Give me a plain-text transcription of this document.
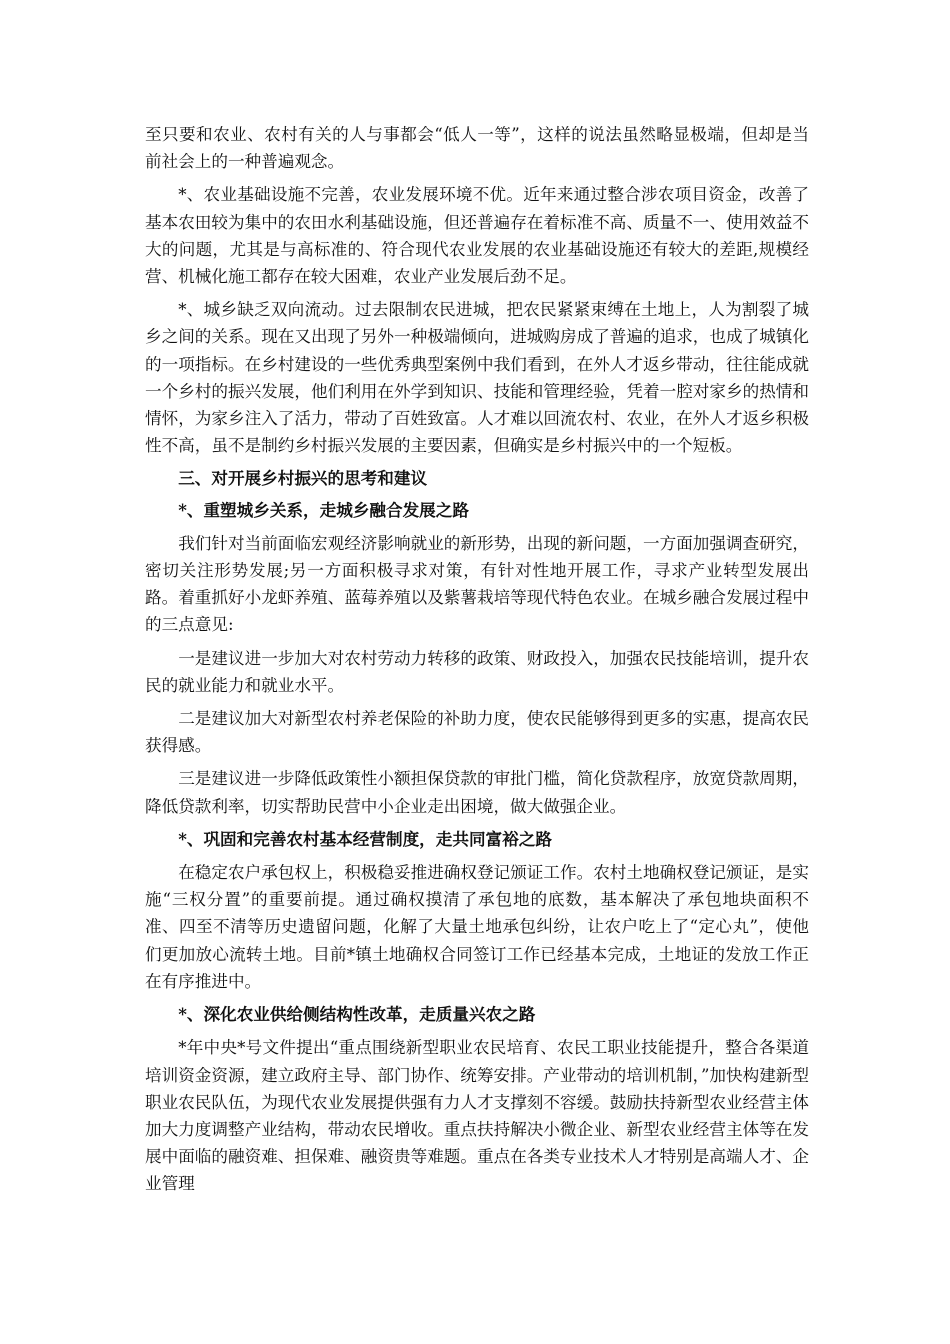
至只要和农业、农村有关的人与事都会“低人一等”，这样的说法虽然略显极端，但却是当前社会上的一种普遍观念。

*、农业基础设施不完善，农业发展环境不优。近年来通过整合涉农项目资金，改善了基本农田较为集中的农田水利基础设施，但还普遍存在着标准不高、质量不一、使用效益不大的问题，尤其是与高标准的、符合现代农业发展的农业基础设施还有较大的差距,规模经营、机械化施工都存在较大困难，农业产业发展后劲不足。

*、城乡缺乏双向流动。过去限制农民进城，把农民紧紧束缚在土地上，人为割裂了城乡之间的关系。现在又出现了另外一种极端倾向，进城购房成了普遍的追求，也成了城镇化的一项指标。在乡村建设的一些优秀典型案例中我们看到，在外人才返乡带动，往往能成就一个乡村的振兴发展，他们利用在外学到知识、技能和管理经验，凭着一腔对家乡的热情和情怀，为家乡注入了活力，带动了百姓致富。人才难以回流农村、农业，在外人才返乡积极性不高，虽不是制约乡村振兴发展的主要因素，但确实是乡村振兴中的一个短板。

三、对开展乡村振兴的思考和建议

*、重塑城乡关系，走城乡融合发展之路

我们针对当前面临宏观经济影响就业的新形势，出现的新问题，一方面加强调查研究，密切关注形势发展;另一方面积极寻求对策，有针对性地开展工作，寻求产业转型发展出路。着重抓好小龙虾养殖、蓝莓养殖以及紫薯栽培等现代特色农业。在城乡融合发展过程中的三点意见:

一是建议进一步加大对农村劳动力转移的政策、财政投入，加强农民技能培训，提升农民的就业能力和就业水平。

二是建议加大对新型农村养老保险的补助力度，使农民能够得到更多的实惠，提高农民获得感。

三是建议进一步降低政策性小额担保贷款的审批门槛，简化贷款程序，放宽贷款周期，降低贷款利率，切实帮助民营中小企业走出困境，做大做强企业。

*、巩固和完善农村基本经营制度，走共同富裕之路

在稳定农户承包权上，积极稳妥推进确权登记颁证工作。农村土地确权登记颁证，是实施“三权分置”的重要前提。通过确权摸清了承包地的底数，基本解决了承包地块面积不准、四至不清等历史遗留问题，化解了大量土地承包纠纷，让农户吃上了“定心丸”，使他们更加放心流转土地。目前*镇土地确权合同签订工作已经基本完成，土地证的发放工作正在有序推进中。

*、深化农业供给侧结构性改革，走质量兴农之路

*年中央*号文件提出“重点围绕新型职业农民培育、农民工职业技能提升，整合各渠道培训资金资源，建立政府主导、部门协作、统筹安排。产业带动的培训机制，”加快构建新型职业农民队伍，为现代农业发展提供强有力人才支撑刻不容缓。鼓励扶持新型农业经营主体加大力度调整产业结构，带动农民增收。重点扶持解决小微企业、新型农业经营主体等在发展中面临的融资难、担保难、融资贵等难题。重点在各类专业技术人才特别是高端人才、企业管理
